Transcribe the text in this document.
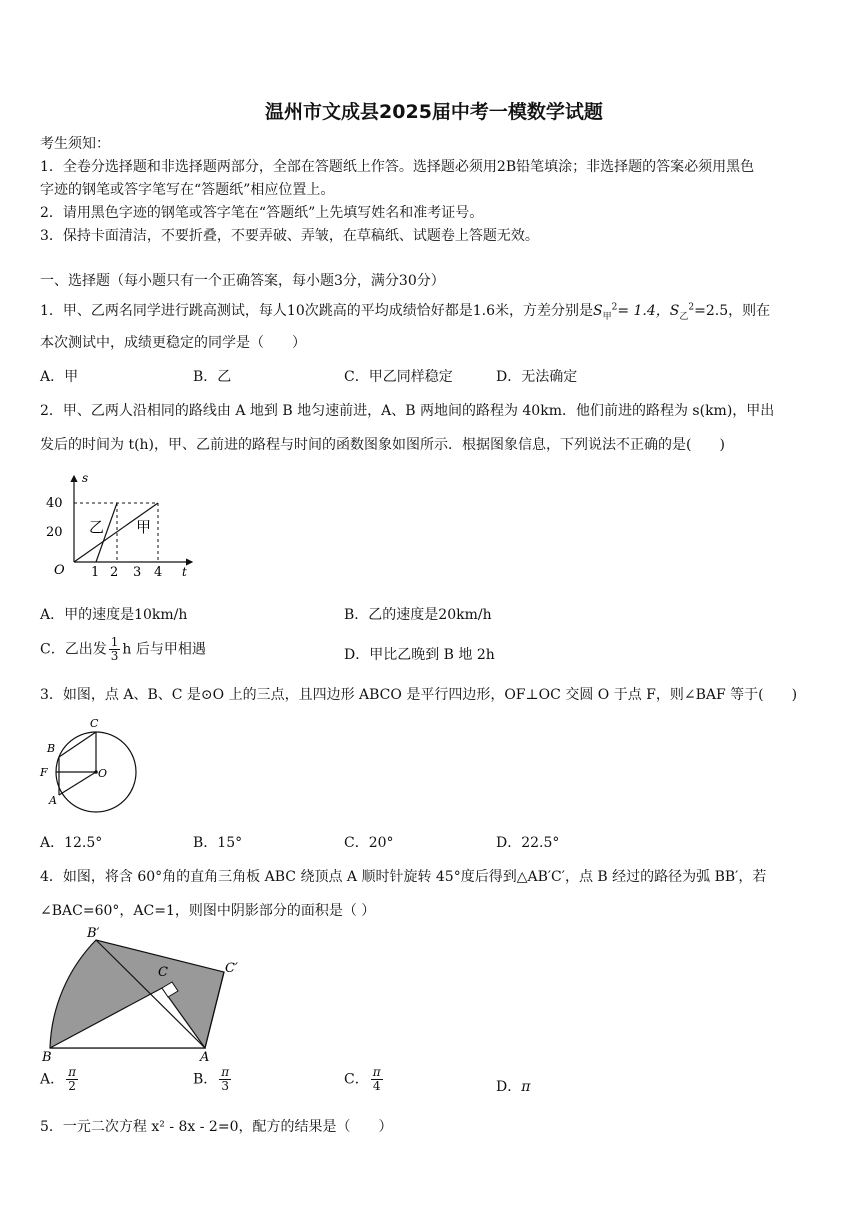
温州市文成县2025届中考一模数学试题
考生须知：
1．全卷分选择题和非选择题两部分，全部在答题纸上作答。选择题必须用2B铅笔填涂；非选择题的答案必须用黑色
字迹的钢笔或答字笔写在“答题纸”相应位置上。
2．请用黑色字迹的钢笔或答字笔在“答题纸”上先填写姓名和准考证号。
3．保持卡面清洁，不要折叠，不要弄破、弄皱，在草稿纸、试题卷上答题无效。
一、选择题（每小题只有一个正确答案，每小题3分，满分30分）
1．甲、乙两名同学进行跳高测试，每人10次跳高的平均成绩恰好都是1.6米，方差分别是$S_甲^2= 1.4$，$S_乙^2=2.5$，则在
本次测试中，成绩更稳定的同学是（　　）
A．甲	B．乙	C．甲乙同样稳定	D．无法确定
2．甲、乙两人沿相同的路线由 A 地到 B 地匀速前进，A、B 两地间的路程为 40km．他们前进的路程为 s(km)，甲出
发后的时间为 t(h)，甲、乙前进的路程与时间的函数图象如图所示．根据图象信息，下列说法不正确的是(　　)
s
t
O
40
20
1 2 3 4
乙 甲
A．甲的速度是10km/h	B．乙的速度是20km/h
C．乙出发 $\frac{1}{3}$ h 后与甲相遇	D．甲比乙晚到 B 地 2h
3．如图，点 A、B、C 是⊙O 上的三点，且四边形 ABCO 是平行四边形，OF⊥OC 交圆 O 于点 F，则∠BAF 等于(　　)
C
B
F	O
A
A．12.5°	B．15°	C．20°	D．22.5°
4．如图，将含 60°角的直角三角板 ABC 绕顶点 A 顺时针旋转 45°度后得到△AB′C′，点 B 经过的路径为弧 BB′，若
∠BAC=60°，AC=1，则图中阴影部分的面积是（ ）
B′
C′
C
B	A
A． $\frac{\pi}{2}$	B． $\frac{\pi}{3}$	C． $\frac{\pi}{4}$	D．π
5．一元二次方程 x² - 8x - 2=0，配方的结果是（　　）
